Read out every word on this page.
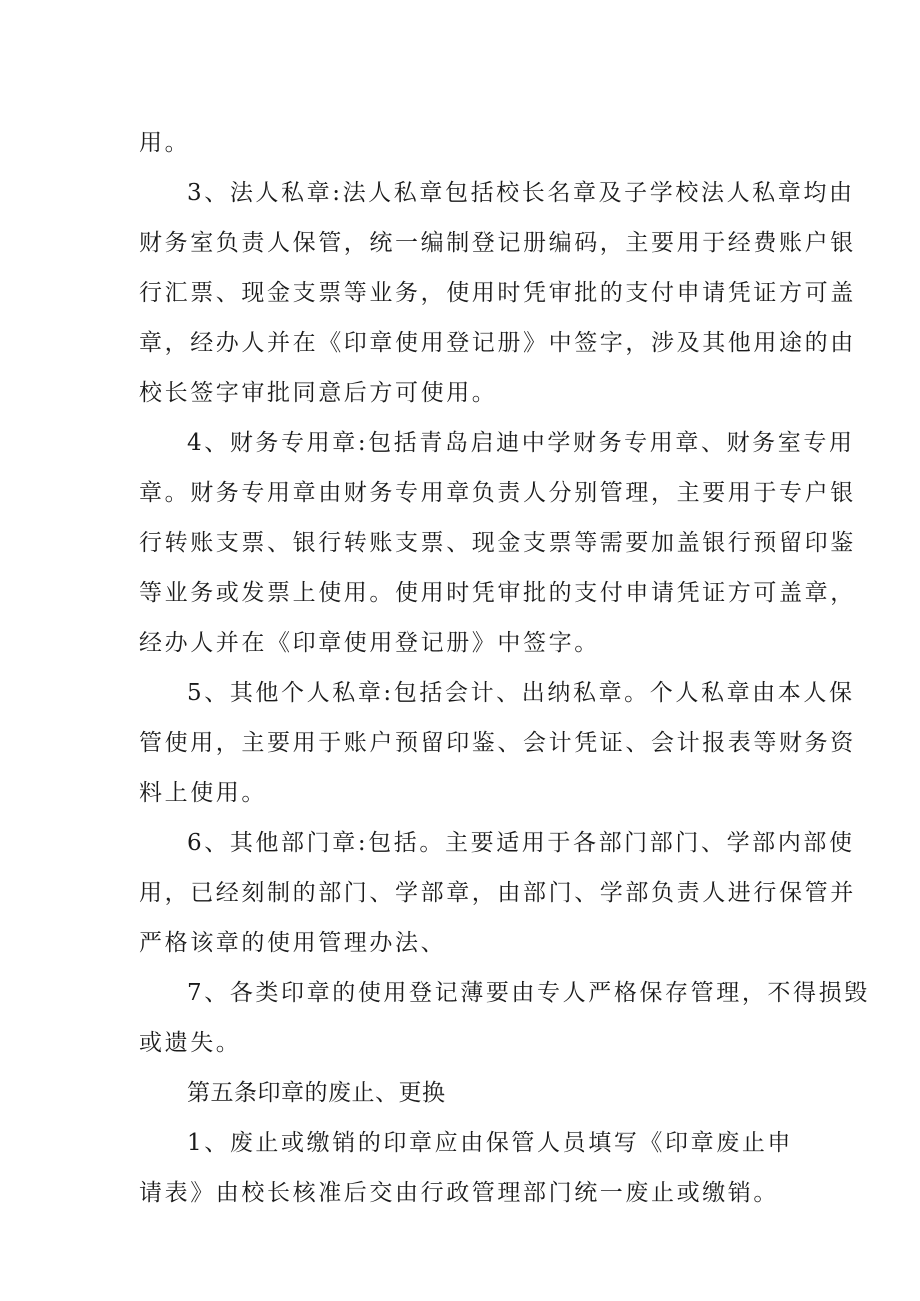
用。
3、法人私章:法人私章包括校长名章及子学校法人私章均由
财务室负责人保管，统一编制登记册编码，主要用于经费账户银
行汇票、现金支票等业务，使用时凭审批的支付申请凭证方可盖
章，经办人并在《印章使用登记册》中签字，涉及其他用途的由
校长签字审批同意后方可使用。
4、财务专用章:包括青岛启迪中学财务专用章、财务室专用
章。财务专用章由财务专用章负责人分别管理，主要用于专户银
行转账支票、银行转账支票、现金支票等需要加盖银行预留印鉴
等业务或发票上使用。使用时凭审批的支付申请凭证方可盖章，
经办人并在《印章使用登记册》中签字。
5、其他个人私章:包括会计、出纳私章。个人私章由本人保
管使用，主要用于账户预留印鉴、会计凭证、会计报表等财务资
料上使用。
6、其他部门章:包括。主要适用于各部门部门、学部内部使
用，已经刻制的部门、学部章，由部门、学部负责人进行保管并
严格该章的使用管理办法、
7、各类印章的使用登记薄要由专人严格保存管理，不得损毁
或遗失。
第五条印章的废止、更换
1、废止或缴销的印章应由保管人员填写《印章废止申
请表》由校长核准后交由行政管理部门统一废止或缴销。
